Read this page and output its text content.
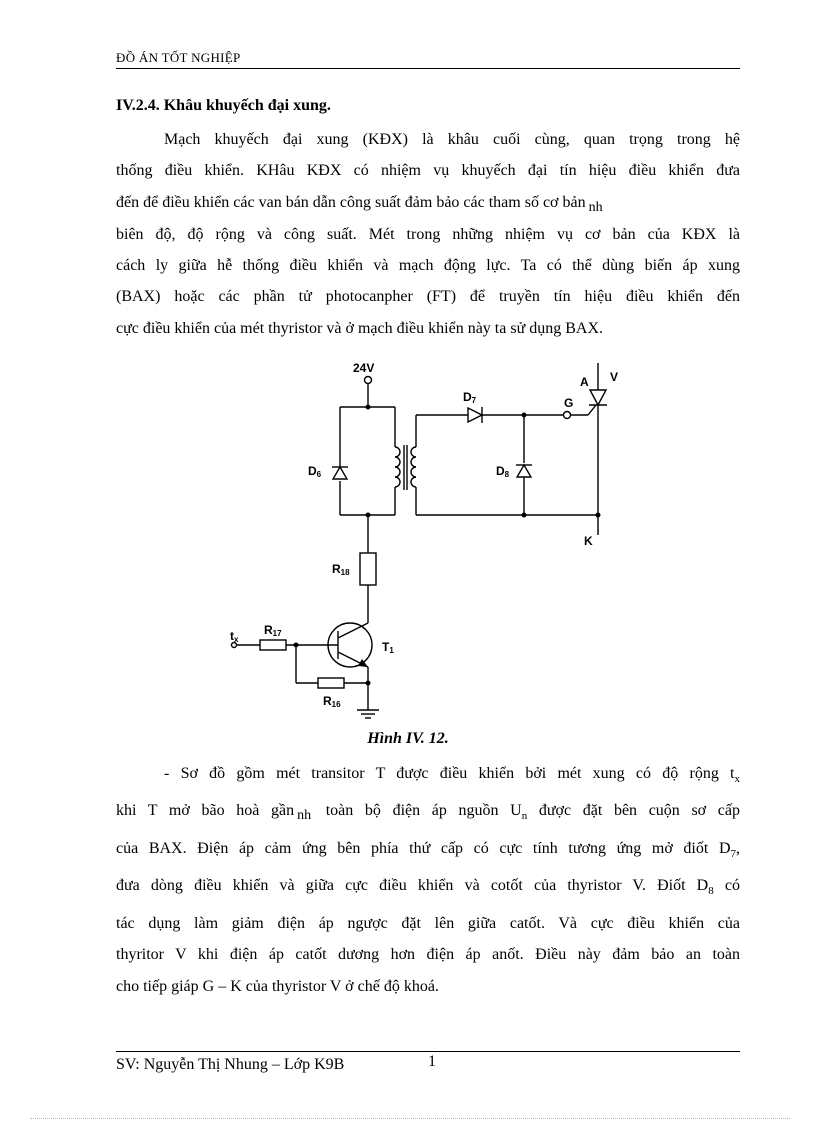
ĐỒ ÁN TỐT NGHIỆP
IV.2.4. Khâu khuyếch đại xung.
Mạch khuyếch đại xung (KĐX) là khâu cuối cùng, quan trọng trong hệ
thống điều khiển. KHâu KĐX có nhiệm vụ khuyếch đại tín hiệu điều khiển đưa
đến để điều khiển các van bán dẫn công suất đảm bảo các tham số cơ bản nh
biên độ, độ rộng và công suất. Mét trong những nhiệm vụ cơ bản của KĐX là
cách ly giữa hễ thống điều khiển và mạch động lực. Ta có thể dùng biến áp xung
(BAX) hoặc các phần tử photocanpher (FT) để truyền tín hiệu điều khiển đến
cực điều khiển của mét thyristor và ở mạch điều khiển này ta sử dụng BAX.
24V
D6
D7
D8
R18
R17
R16
T1
tx
A V
G
K
Hình IV. 12.
- Sơ đồ gồm mét transitor T được điều khiển bởi mét xung có độ rộng $t_x$
khi T mở bão hoà gần nh toàn bộ điện áp nguồn $U_n$ được đặt bên cuộn sơ cấp
của BAX. Điện áp cảm ứng bên phía thứ cấp có cực tính tương ứng mở điốt $D_7$,
đưa dòng điều khiển và giữa cực điều khiển và cotốt của thyristor V. Điốt $D_8$ có
tác dụng làm giảm điện áp ngược đặt lên giữa catốt. Và cực điều khiển của
thyritor V khi điện áp catốt dương hơn điện áp anốt. Điều này đảm bảo an toàn
cho tiếp giáp G – K của thyristor V ở chế độ khoá.
SV: Nguyễn Thị Nhung – Lớp K9B	1
